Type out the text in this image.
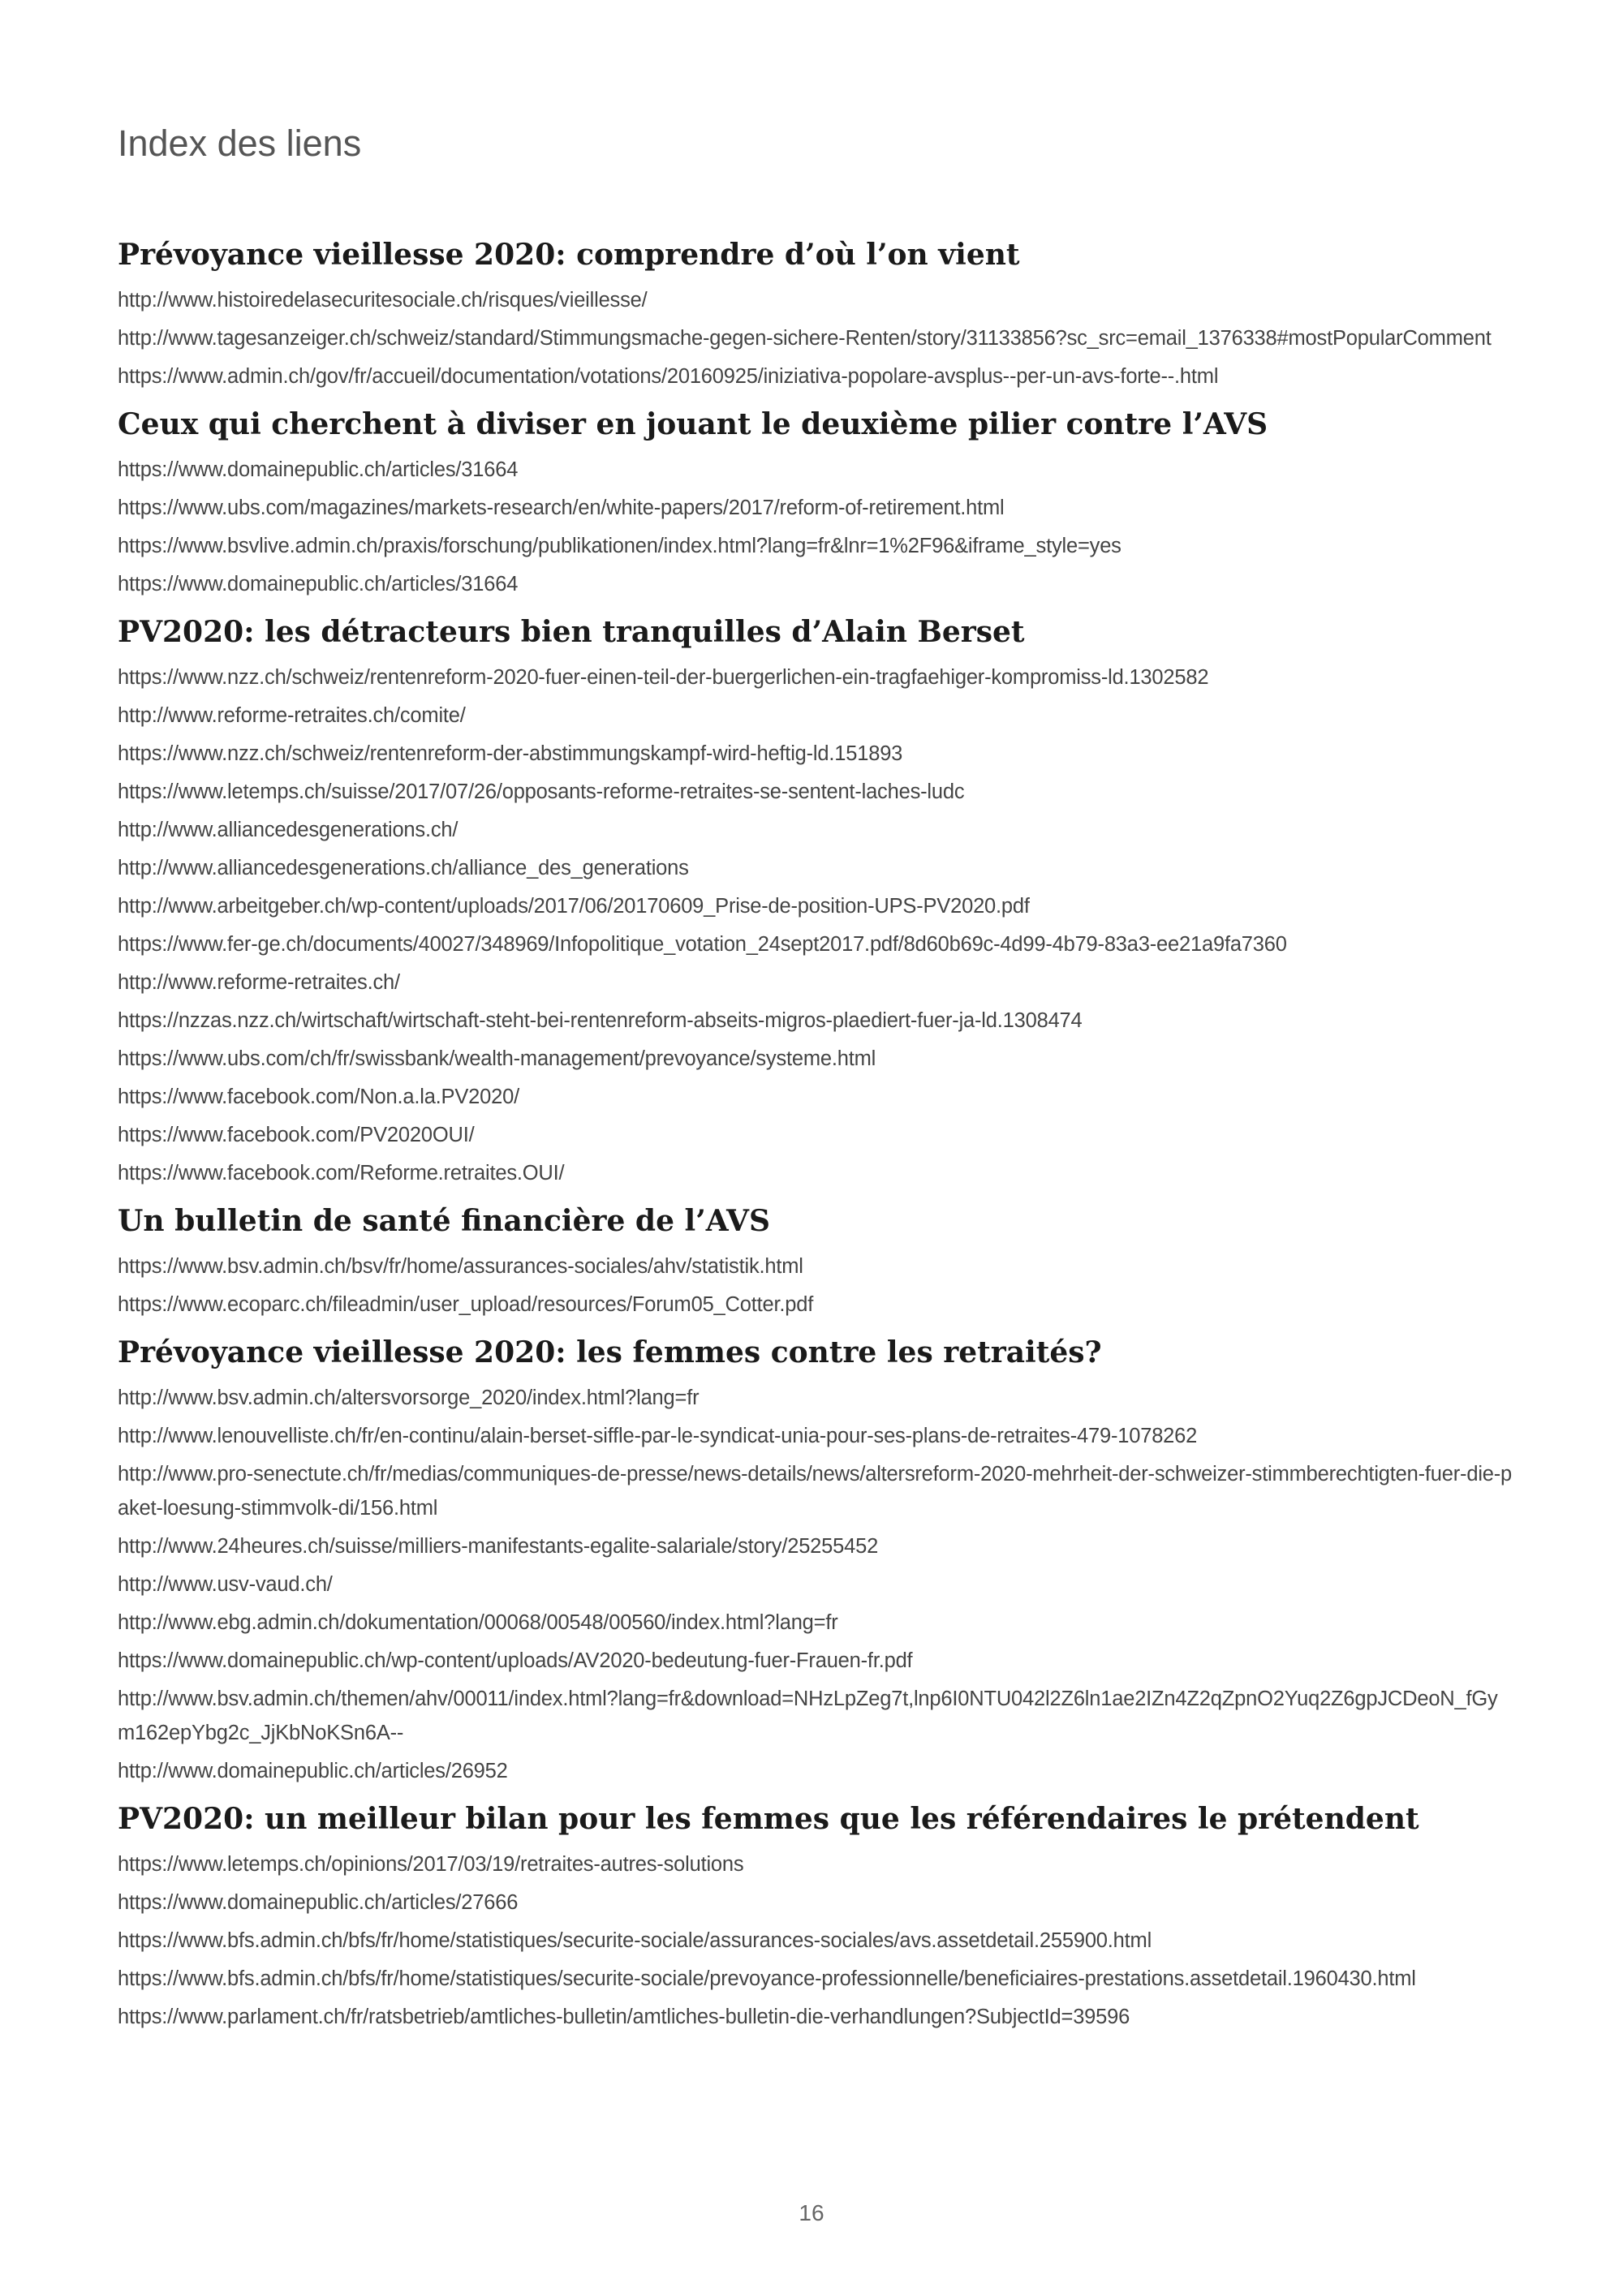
Index des liens
Prévoyance vieillesse 2020: comprendre d’où l’on vient
http://www.histoiredelasecuritesociale.ch/risques/vieillesse/
http://www.tagesanzeiger.ch/schweiz/standard/Stimmungsmache-gegen-sichere-Renten/story/31133856?sc_src=email_1376338#mostPopularComment
https://www.admin.ch/gov/fr/accueil/documentation/votations/20160925/iniziativa-popolare-avsplus--per-un-avs-forte--.html
Ceux qui cherchent à diviser en jouant le deuxième pilier contre l’AVS
https://www.domainepublic.ch/articles/31664
https://www.ubs.com/magazines/markets-research/en/white-papers/2017/reform-of-retirement.html
https://www.bsvlive.admin.ch/praxis/forschung/publikationen/index.html?lang=fr&lnr=1%2F96&iframe_style=yes
https://www.domainepublic.ch/articles/31664
PV2020: les détracteurs bien tranquilles d’Alain Berset
https://www.nzz.ch/schweiz/rentenreform-2020-fuer-einen-teil-der-buergerlichen-ein-tragfaehiger-kompromiss-ld.1302582
http://www.reforme-retraites.ch/comite/
https://www.nzz.ch/schweiz/rentenreform-der-abstimmungskampf-wird-heftig-ld.151893
https://www.letemps.ch/suisse/2017/07/26/opposants-reforme-retraites-se-sentent-laches-ludc
http://www.alliancedesgenerations.ch/
http://www.alliancedesgenerations.ch/alliance_des_generations
http://www.arbeitgeber.ch/wp-content/uploads/2017/06/20170609_Prise-de-position-UPS-PV2020.pdf
https://www.fer-ge.ch/documents/40027/348969/Infopolitique_votation_24sept2017.pdf/8d60b69c-4d99-4b79-83a3-ee21a9fa7360
http://www.reforme-retraites.ch/
https://nzzas.nzz.ch/wirtschaft/wirtschaft-steht-bei-rentenreform-abseits-migros-plaediert-fuer-ja-ld.1308474
https://www.ubs.com/ch/fr/swissbank/wealth-management/prevoyance/systeme.html
https://www.facebook.com/Non.a.la.PV2020/
https://www.facebook.com/PV2020OUI/
https://www.facebook.com/Reforme.retraites.OUI/
Un bulletin de santé financière de l’AVS
https://www.bsv.admin.ch/bsv/fr/home/assurances-sociales/ahv/statistik.html
https://www.ecoparc.ch/fileadmin/user_upload/resources/Forum05_Cotter.pdf
Prévoyance vieillesse 2020: les femmes contre les retraités?
http://www.bsv.admin.ch/altersvorsorge_2020/index.html?lang=fr
http://www.lenouvelliste.ch/fr/en-continu/alain-berset-siffle-par-le-syndicat-unia-pour-ses-plans-de-retraites-479-1078262
http://www.pro-senectute.ch/fr/medias/communiques-de-presse/news-details/news/altersreform-2020-mehrheit-der-schweizer-stimmberechtigten-fuer-die-paket-loesung-stimmvolk-di/156.html
http://www.24heures.ch/suisse/milliers-manifestants-egalite-salariale/story/25255452
http://www.usv-vaud.ch/
http://www.ebg.admin.ch/dokumentation/00068/00548/00560/index.html?lang=fr
https://www.domainepublic.ch/wp-content/uploads/AV2020-bedeutung-fuer-Frauen-fr.pdf
http://www.bsv.admin.ch/themen/ahv/00011/index.html?lang=fr&download=NHzLpZeg7t,lnp6I0NTU042l2Z6ln1ae2IZn4Z2qZpnO2Yuq2Z6gpJCDeoN_fGym162epYbg2c_JjKbNoKSn6A--
http://www.domainepublic.ch/articles/26952
PV2020: un meilleur bilan pour les femmes que les référendaires le prétendent
https://www.letemps.ch/opinions/2017/03/19/retraites-autres-solutions
https://www.domainepublic.ch/articles/27666
https://www.bfs.admin.ch/bfs/fr/home/statistiques/securite-sociale/assurances-sociales/avs.assetdetail.255900.html
https://www.bfs.admin.ch/bfs/fr/home/statistiques/securite-sociale/prevoyance-professionnelle/beneficiaires-prestations.assetdetail.1960430.html
https://www.parlament.ch/fr/ratsbetrieb/amtliches-bulletin/amtliches-bulletin-die-verhandlungen?SubjectId=39596
16
